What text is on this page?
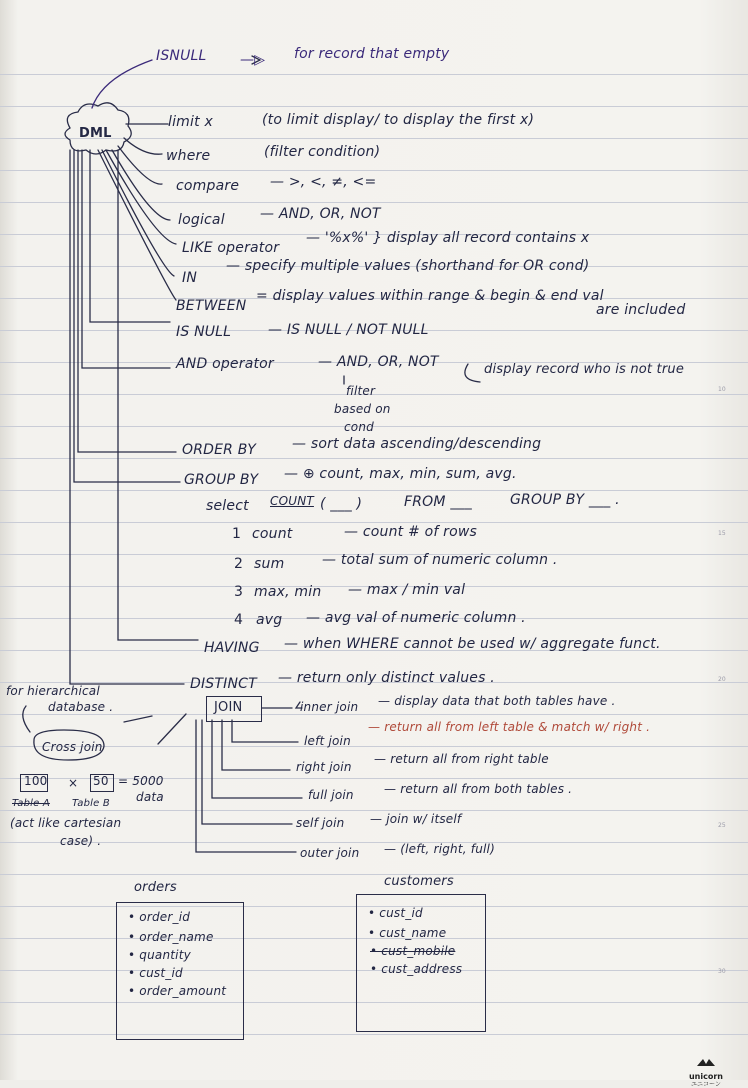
10
15
20
25
30
ISNULL —▷ for record that empty
DML
limit x	(to limit display/ to display the first x)
where	(filter condition)
compare — >, <, ≠, <=
logical	— AND, OR, NOT
LIKE operator
— '%x%' } display all record contains x
IN
— specify multiple values (shorthand for OR cond)
BETWEEN
= display values within range & begin & end val
are included
IS NULL	— IS NULL / NOT NULL
AND operator	— AND, OR, NOT	display record who is not true
filter
based on
cond
ORDER BY	— sort data ascending/descending
GROUP BY — ⊕ count, max, min, sum, avg.
select COUNT ( ___ )	FROM ___	GROUP BY ___ .
1 count	— count # of rows
2 sum	— total sum of numeric column .
3 max, min — max / min val
4 avg — avg val of numeric column .
HAVING — when WHERE cannot be used w/ aggregate funct.
DISTINCT — return only distinct values .
for hierarchical
database .	JOIN	inner join — display data that both tables have .
left join
— return all from left table & match w/ right .
right join
— return all from right table
full join	— return all from both tables .
self join — join w/ itself
outer join — (left, right, full)
Cross join
100 × 50 = 5000
data
Table A Table B
(act like cartesian
case) .
orders
• order_id
• order_name
• quantity
• cust_id
• order_amount
customers
• cust_id
• cust_name
• cust_mobile
• cust_address
unicorn
ユニコーン
